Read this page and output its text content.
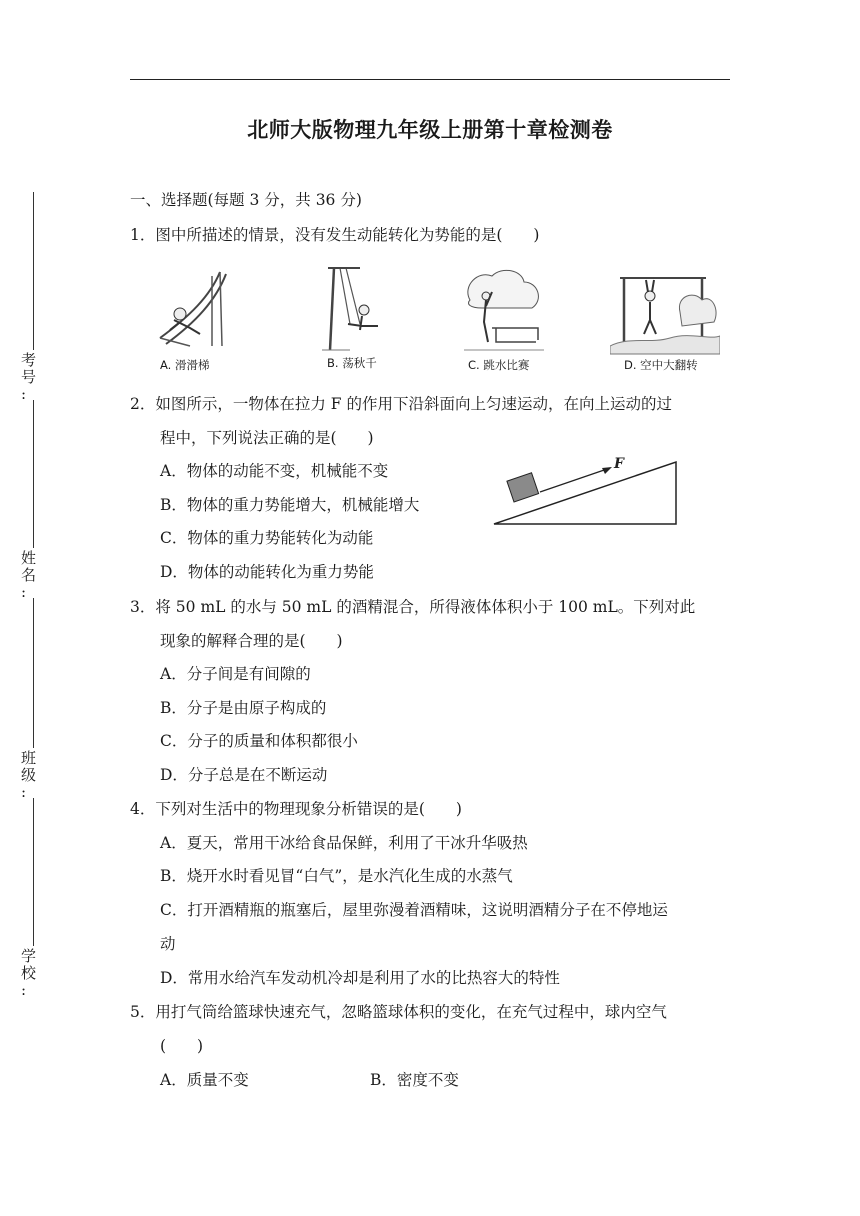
考
号
:
姓
名
:
班
级
:
学
校
:
北师大版物理九年级上册第十章检测卷
一、选择题(每题 3 分，共 36 分)
1．图中所描述的情景，没有发生动能转化为势能的是(　　)
A. 滑滑梯	B. 荡秋千	C. 跳水比赛	D. 空中大翻转
2．如图所示，一物体在拉力 F 的作用下沿斜面向上匀速运动，在向上运动的过
程中，下列说法正确的是(　　)
A．物体的动能不变，机械能不变
B．物体的重力势能增大，机械能增大
C．物体的重力势能转化为动能
D．物体的动能转化为重力势能
F
3．将 50 mL 的水与 50 mL 的酒精混合，所得液体体积小于 100 mL。下列对此
现象的解释合理的是(　　)
A．分子间是有间隙的
B．分子是由原子构成的
C．分子的质量和体积都很小
D．分子总是在不断运动
4．下列对生活中的物理现象分析错误的是(　　)
A．夏天，常用干冰给食品保鲜，利用了干冰升华吸热
B．烧开水时看见冒“白气”，是水汽化生成的水蒸气
C．打开酒精瓶的瓶塞后，屋里弥漫着酒精味，这说明酒精分子在不停地运
动
D．常用水给汽车发动机冷却是利用了水的比热容大的特性
5．用打气筒给篮球快速充气，忽略篮球体积的变化，在充气过程中，球内空气
(　　)
A．质量不变	B．密度不变
